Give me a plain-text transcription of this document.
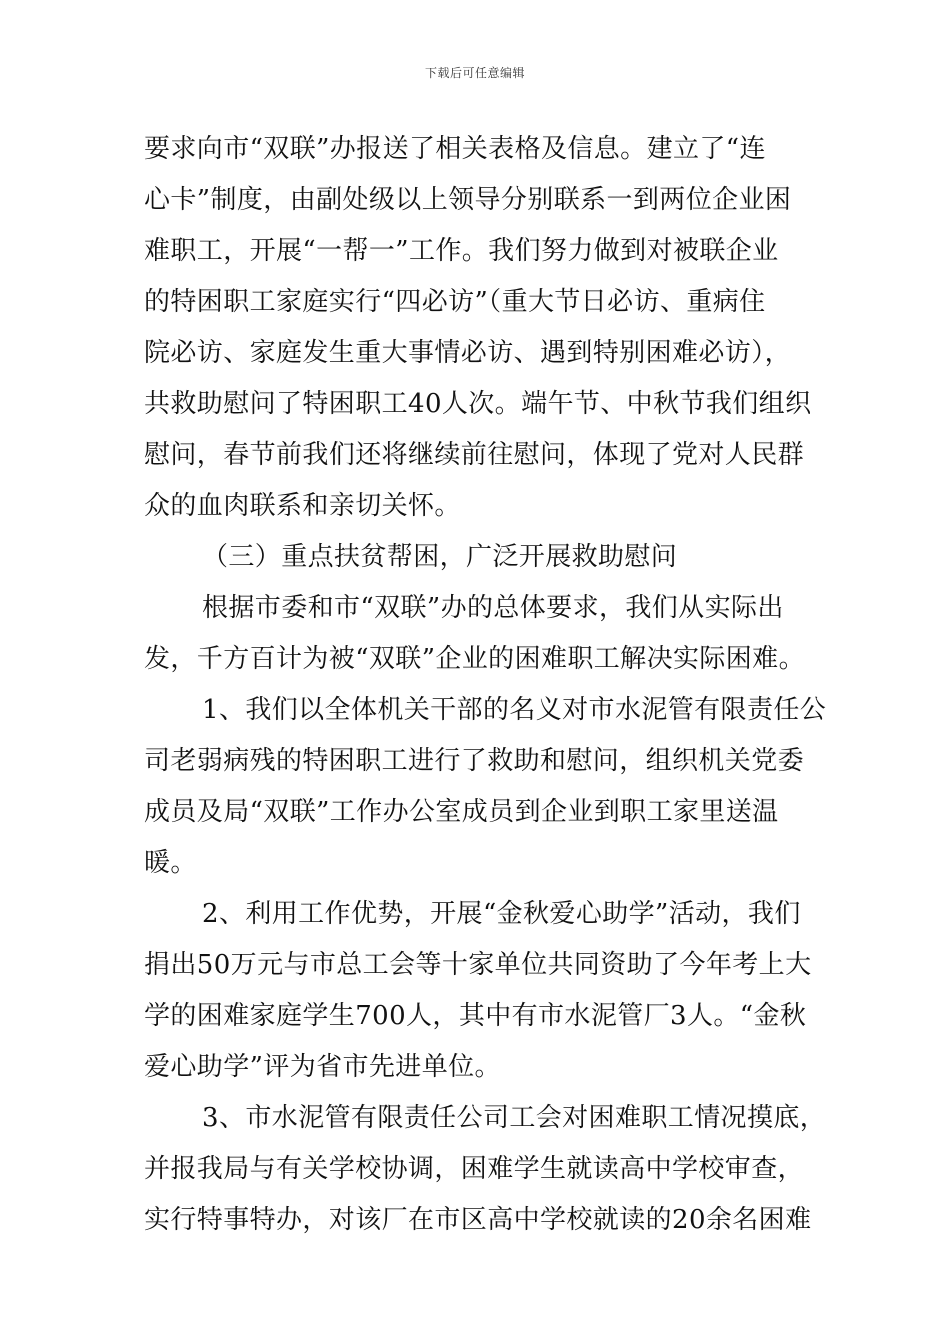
下载后可任意编辑
要求向市“双联”办报送了相关表格及信息。建立了“连
心卡”制度，由副处级以上领导分别联系一到两位企业困
难职工，开展“一帮一”工作。我们努力做到对被联企业
的特困职工家庭实行“四必访”（重大节日必访、重病住
院必访、家庭发生重大事情必访、遇到特别困难必访），
共救助慰问了特困职工40人次。端午节、中秋节我们组织
慰问，春节前我们还将继续前往慰问，体现了党对人民群
众的血肉联系和亲切关怀。
（三）重点扶贫帮困，广泛开展救助慰问
根据市委和市“双联”办的总体要求，我们从实际出
发，千方百计为被“双联”企业的困难职工解决实际困难。
1、我们以全体机关干部的名义对市水泥管有限责任公
司老弱病残的特困职工进行了救助和慰问，组织机关党委
成员及局“双联”工作办公室成员到企业到职工家里送温
暖。
2、利用工作优势，开展“金秋爱心助学”活动，我们
捐出50万元与市总工会等十家单位共同资助了今年考上大
学的困难家庭学生700人，其中有市水泥管厂3人。“金秋
爱心助学”评为省市先进单位。
3、市水泥管有限责任公司工会对困难职工情况摸底，
并报我局与有关学校协调，困难学生就读高中学校审查，
实行特事特办，对该厂在市区高中学校就读的20余名困难
